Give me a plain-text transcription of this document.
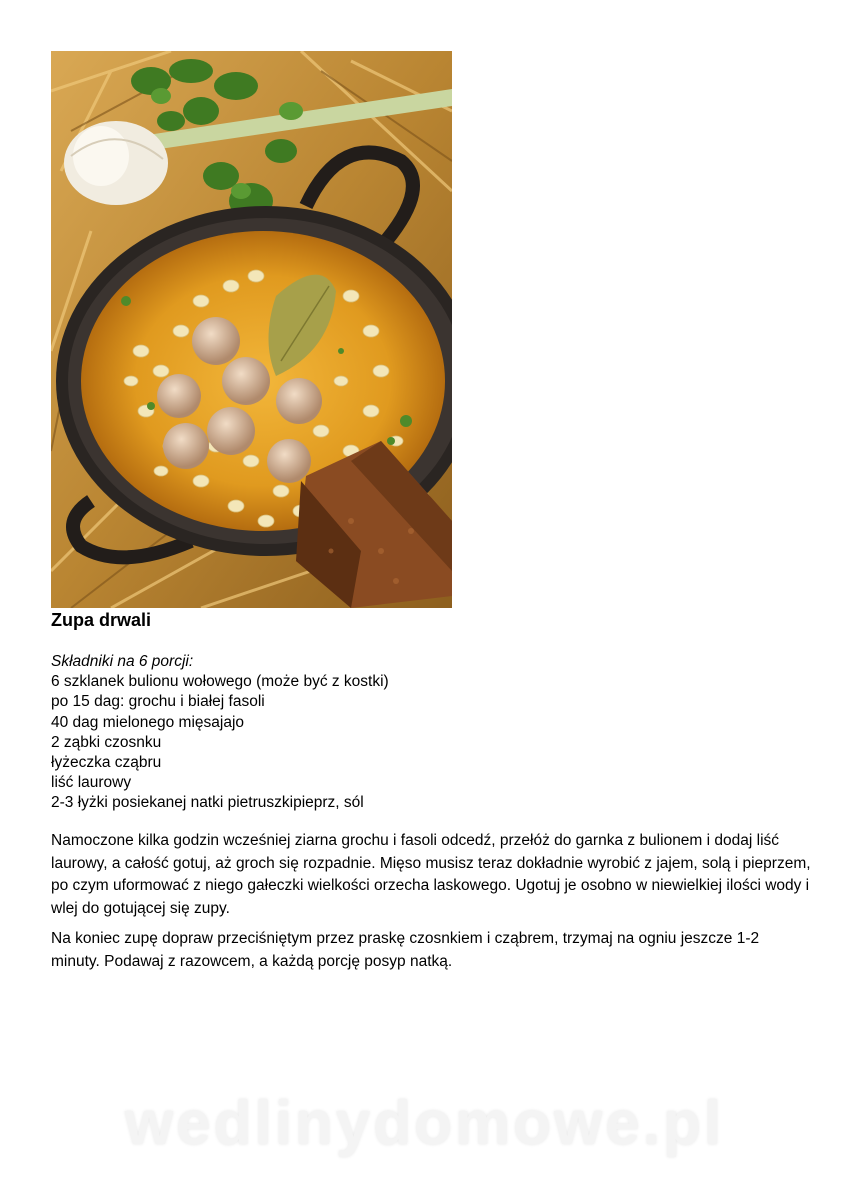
Zupa drwali
Składniki na 6 porcji:
6 szklanek bulionu wołowego (może być z kostki)
po 15 dag: grochu i białej fasoli
40 dag mielonego mięsajajo
2 ząbki czosnku
łyżeczka cząbru
liść laurowy
2-3 łyżki posiekanej natki pietruszkipieprz, sól

Namoczone kilka godzin wcześniej ziarna grochu i fasoli odcedź, przełóż do garnka z bulionem i dodaj liść laurowy, a całość gotuj, aż groch się rozpadnie. Mięso musisz teraz dokładnie wyrobić z jajem, solą i pieprzem, po czym uformować z niego gałeczki wielkości orzecha laskowego. Ugotuj je osobno w niewielkiej ilości wody i wlej do gotującej się zupy.

Na koniec zupę dopraw przeciśniętym przez praskę czosnkiem i cząbrem, trzymaj na ogniu jeszcze 1-2 minuty. Podawaj z razowcem, a każdą porcję posyp natką.

wedlinydomowe.pl
